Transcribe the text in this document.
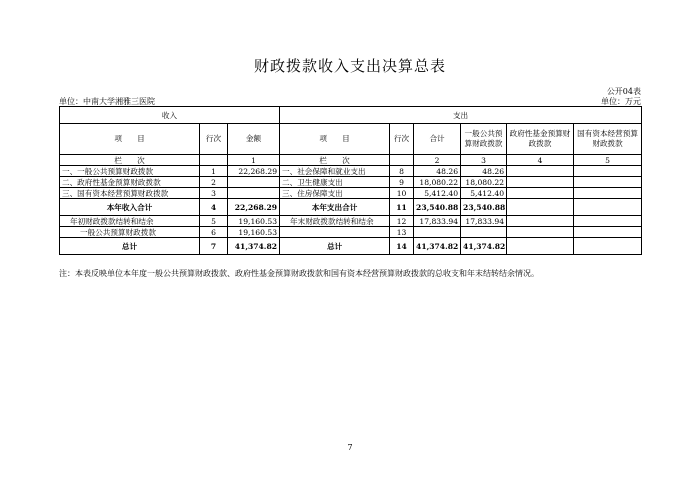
财政拨款收入支出决算总表
公开04表
单位：中南大学湘雅三医院	单位：万元
收入			支出					
项　　目	行次	金额	项　　目	行次	合计	一般公共预算财政拨款	政府性基金预算财政拨款	国有资本经营预算财政拨款
栏　　次		1	栏　　次		2	3	4	5
一、一般公共预算财政拨款	1	22,268.29	一、社会保障和就业支出	8	48.26	48.26		
二、政府性基金预算财政拨款	2		二、卫生健康支出	9	18,080.22	18,080.22		
三、国有资本经营预算财政拨款	3		三、住房保障支出	10	5,412.40	5,412.40		
本年收入合计	4	22,268.29	本年支出合计	11	23,540.88	23,540.88		
年初财政拨款结转和结余	5	19,160.53	年末财政拨款结转和结余	12	17,833.94	17,833.94		
一般公共预算财政拨款	6	19,160.53		13				
总计	7	41,374.82	总计	14	41,374.82	41,374.82		
注：本表反映单位本年度一般公共预算财政拨款、政府性基金预算财政拨款和国有资本经营预算财政拨款的总收支和年末结转结余情况。
7
